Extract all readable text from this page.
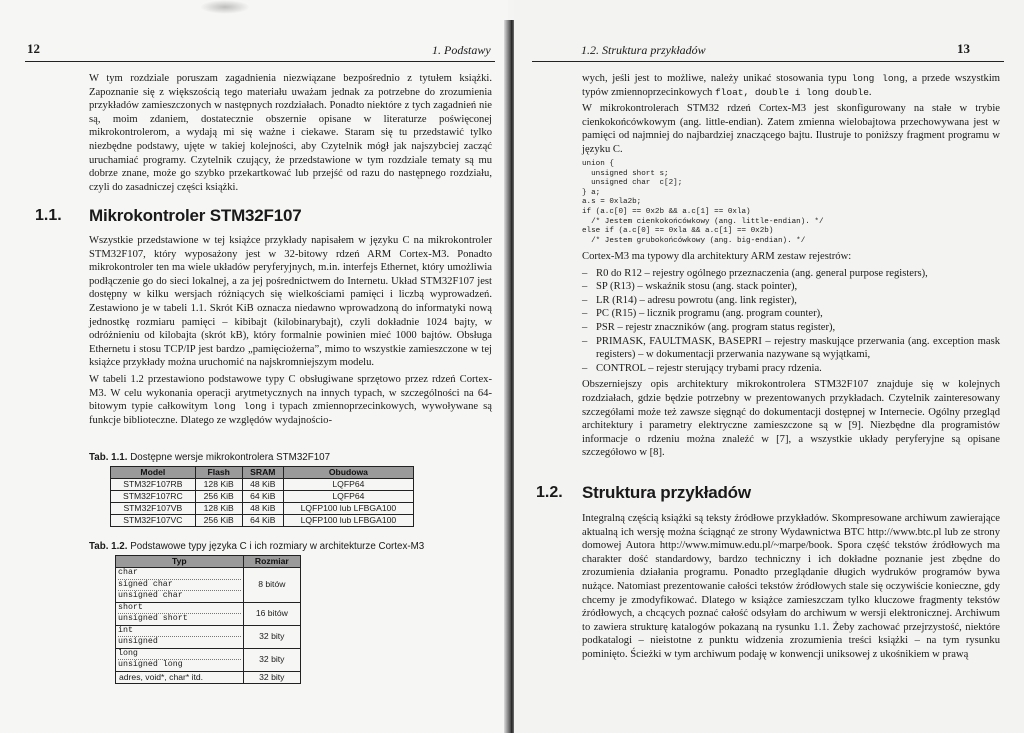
12	1. Podstawy

W tym rozdziale poruszam zagadnienia niezwiązane bezpośrednio z tytułem książki. Zapoznanie się z większością tego materiału uważam jednak za potrzebne do zrozumienia przykładów zamieszczonych w następnych rozdziałach. Ponadto niektóre z tych zagadnień nie są, moim zdaniem, dostatecznie obszernie opisane w literaturze poświęconej mikrokontrolerom, a wydają mi się ważne i ciekawe. Staram się tu przedstawić tylko niezbędne podstawy, ujęte w takiej kolejności, aby Czytelnik mógł jak najszybciej zacząć uruchamiać programy. Czytelnik czujący, że przedstawione w tym rozdziale tematy są mu dobrze znane, może go szybko przekartkować lub przejść od razu do następnego rozdziału, czyli do zasadniczej części książki.

1.1. Mikrokontroler STM32F107

Wszystkie przedstawione w tej książce przykłady napisałem w języku C na mikrokontroler STM32F107, który wyposażony jest w 32-bitowy rdzeń ARM Cortex-M3. Ponadto mikrokontroler ten ma wiele układów peryferyjnych, m.in. interfejs Ethernet, który umożliwia podłączenie go do sieci lokalnej, a za jej pośrednictwem do Internetu. Układ STM32F107 jest dostępny w kilku wersjach różniących się wielkościami pamięci i liczbą wyprowadzeń. Zestawiono je w tabeli 1.1. Skrót KiB oznacza niedawno wprowadzoną do informatyki nową jednostkę rozmiaru pamięci – kibibajt (kilobinarybajt), czyli dokładnie 1024 bajty, w odróżnieniu od kilobajta (skrót kB), który formalnie powinien mieć 1000 bajtów. Obsługa Ethernetu i stosu TCP/IP jest bardzo „pamięciożerna”, mimo to wszystkie zamieszczone w tej książce przykłady można uruchomić na najskromniejszym modelu.

W tabeli 1.2 przestawiono podstawowe typy C obsługiwane sprzętowo przez rdzeń Cortex-M3. W celu wykonania operacji arytmetycznych na innych typach, w szczególności na 64-bitowym typie całkowitym long long i typach zmiennoprzecinkowych, wywoływane są funkcje biblioteczne. Dlatego ze względów wydajnościo-

Tab. 1.1. Dostępne wersje mikrokontrolera STM32F107
Model	Flash	SRAM	Obudowa
STM32F107RB	128 KiB	48 KiB	LQFP64
STM32F107RC	256 KiB	64 KiB	LQFP64
STM32F107VB	128 KiB	48 KiB	LQFP100 lub LFBGA100
STM32F107VC	256 KiB	64 KiB	LQFP100 lub LFBGA100
Tab. 1.2. Podstawowe typy języka C i ich rozmiary w architekturze Cortex-M3
Typ	Rozmiar

char
signed char
unsigned char	8 bitów

short
unsigned short	16 bitów

int
unsigned	32 bity

long
unsigned long	32 bity
adres, void*, char* itd.	32 bity
1.2. Struktura przykładów	13

wych, jeśli jest to możliwe, należy unikać stosowania typu long long, a przede wszystkim typów zmiennoprzecinkowych float, double i long double.

W mikrokontrolerach STM32 rdzeń Cortex-M3 jest skonfigurowany na stałe w trybie cienkokońcówkowym (ang. little-endian). Zatem zmienna wielobajtowa przechowywana jest w pamięci od najmniej do najbardziej znaczącego bajtu. Ilustruje to poniższy fragment programu w języku C.

union {
unsigned short s;
unsigned char  c[2];
} a;
a.s = 0xla2b;
if (a.c[0] == 0x2b && a.c[1] == 0xla)
/* Jestem cienkokońcówkowy (ang. little-endian). */
else if (a.c[0] == 0xla && a.c[1] == 0x2b)
/* Jestem grubokońcówkowy (ang. big-endian). */

Cortex-M3 ma typowy dla architektury ARM zestaw rejestrów:

– R0 do R12 – rejestry ogólnego przeznaczenia (ang. general purpose registers),
– SP (R13) – wskaźnik stosu (ang. stack pointer),
– LR (R14) – adresu powrotu (ang. link register),
– PC (R15) – licznik programu (ang. program counter),
– PSR – rejestr znaczników (ang. program status register),
– PRIMASK, FAULTMASK, BASEPRI – rejestry maskujące przerwania (ang. exception mask registers) – w dokumentacji przerwania nazywane są wyjątkami,
– CONTROL – rejestr sterujący trybami pracy rdzenia.

Obszerniejszy opis architektury mikrokontrolera STM32F107 znajduje się w kolejnych rozdziałach, gdzie będzie potrzebny w prezentowanych przykładach. Czytelnik zainteresowany szczegółami może też zawsze sięgnąć do dokumentacji dostępnej w Internecie. Ogólny przegląd architektury i parametry elektryczne zamieszczone są w [9]. Niezbędne dla programistów informacje o rdzeniu można znaleźć w [7], a wszystkie układy peryferyjne są opisane szczegółowo w [8].

1.2. Struktura przykładów

Integralną częścią książki są teksty źródłowe przykładów. Skompresowane archiwum zawierające aktualną ich wersję można ściągnąć ze strony Wydawnictwa BTC http://www.btc.pl lub ze strony domowej Autora http://www.mimuw.edu.pl/~marpe/book. Spora część tekstów źródłowych ma charakter dość standardowy, bardzo techniczny i ich dokładne poznanie jest zbędne do zrozumienia działania programu. Ponadto przeglądanie długich wydruków programów bywa nużące. Natomiast prezentowanie całości tekstów źródłowych stale się oczywiście konieczne, gdy chcemy je zmodyfikować. Dlatego w książce zamieszczam tylko kluczowe fragmenty tekstów źródłowych, a chcących poznać całość odsyłam do archiwum w wersji elektronicznej. Archiwum to zawiera strukturę katalogów pokazaną na rysunku 1.1. Żeby zachować przejrzystość, niektóre podkatalogi – nieistotne z punktu widzenia zrozumienia treści książki – na tym rysunku pominięto. Ścieżki w tym archiwum podaję w konwencji uniksowej z ukośnikiem w prawą
